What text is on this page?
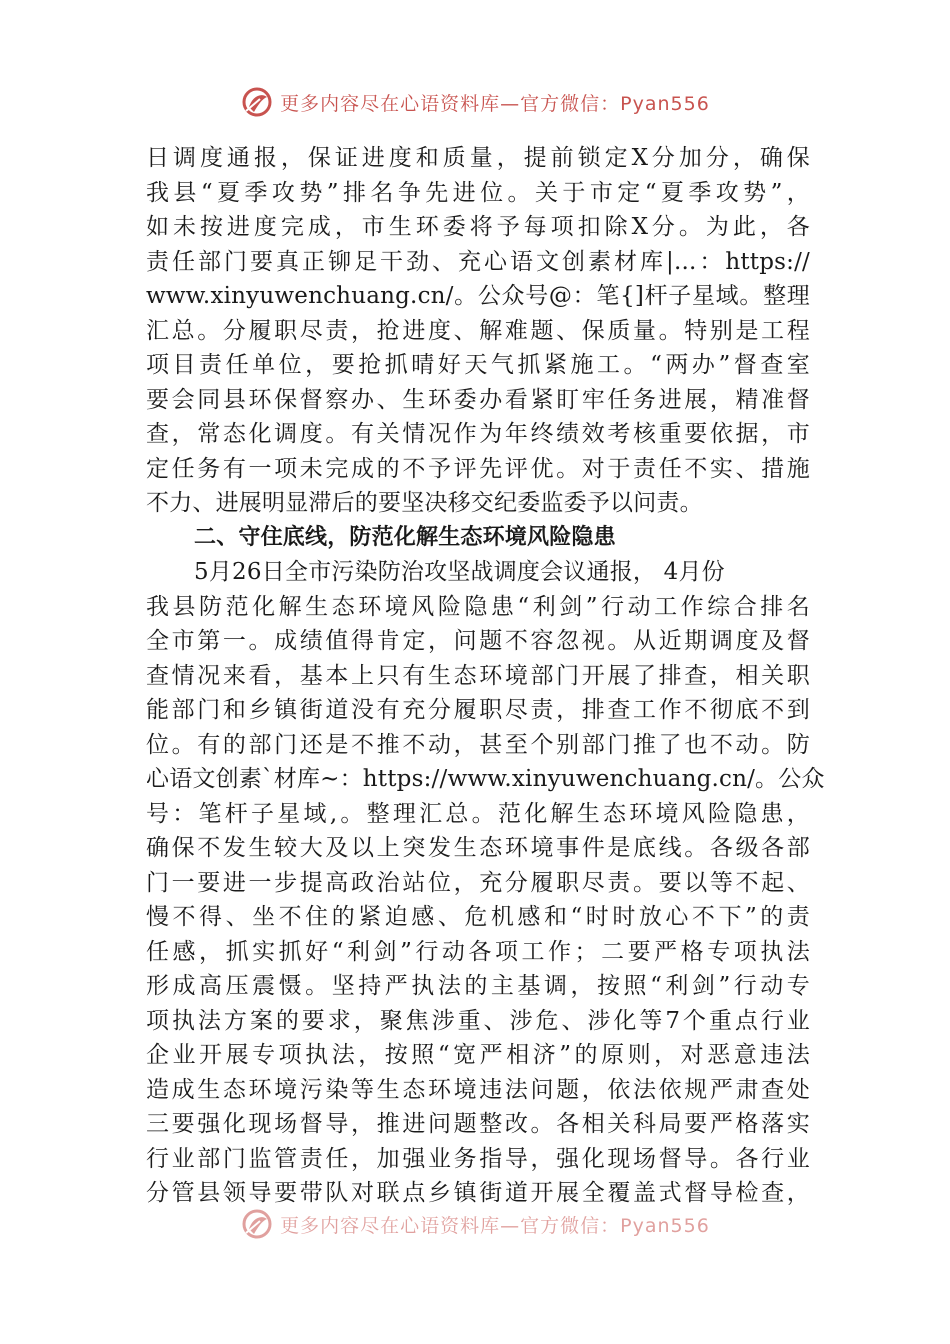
更多内容尽在心语资料库—官方微信：Pyan556
日调度通报，保证进度和质量，提前锁定X分加分，确保
我县“夏季攻势”排名争先进位。关于市定“夏季攻势”，
如未按进度完成，市生环委将予每项扣除X分。为此，各
责任部门要真正铆足干劲、充心语文创素材库|...：https://
www.xinyuwenchuang.cn/。公众号@：笔{]杆子星域。整理
汇总。分履职尽责，抢进度、解难题、保质量。特别是工程
项目责任单位，要抢抓晴好天气抓紧施工。“两办”督查室
要会同县环保督察办、生环委办看紧盯牢任务进展，精准督
查，常态化调度。有关情况作为年终绩效考核重要依据，市
定任务有一项未完成的不予评先评优。对于责任不实、措施
不力、进展明显滞后的要坚决移交纪委监委予以问责。
二、守住底线，防范化解生态环境风险隐患
5月26日全市污染防治攻坚战调度会议通报， 4月份
我县防范化解生态环境风险隐患“利剑”行动工作综合排名
全市第一。成绩值得肯定，问题不容忽视。从近期调度及督
查情况来看，基本上只有生态环境部门开展了排查，相关职
能部门和乡镇街道没有充分履职尽责，排查工作不彻底不到
位。有的部门还是不推不动，甚至个别部门推了也不动。防
心语文创素`材库~：https://www.xinyuwenchuang.cn/。公众
号：笔杆子星域,。整理汇总。范化解生态环境风险隐患，
确保不发生较大及以上突发生态环境事件是底线。各级各部
门一要进一步提高政治站位，充分履职尽责。要以等不起、
慢不得、坐不住的紧迫感、危机感和“时时放心不下”的责
任感，抓实抓好“利剑”行动各项工作；二要严格专项执法
形成高压震慑。坚持严执法的主基调，按照“利剑”行动专
项执法方案的要求，聚焦涉重、涉危、涉化等7个重点行业
企业开展专项执法，按照“宽严相济”的原则，对恶意违法
造成生态环境污染等生态环境违法问题，依法依规严肃查处
三要强化现场督导，推进问题整改。各相关科局要严格落实
行业部门监管责任，加强业务指导，强化现场督导。各行业
分管县领导要带队对联点乡镇街道开展全覆盖式督导检查，
更多内容尽在心语资料库—官方微信：Pyan556
